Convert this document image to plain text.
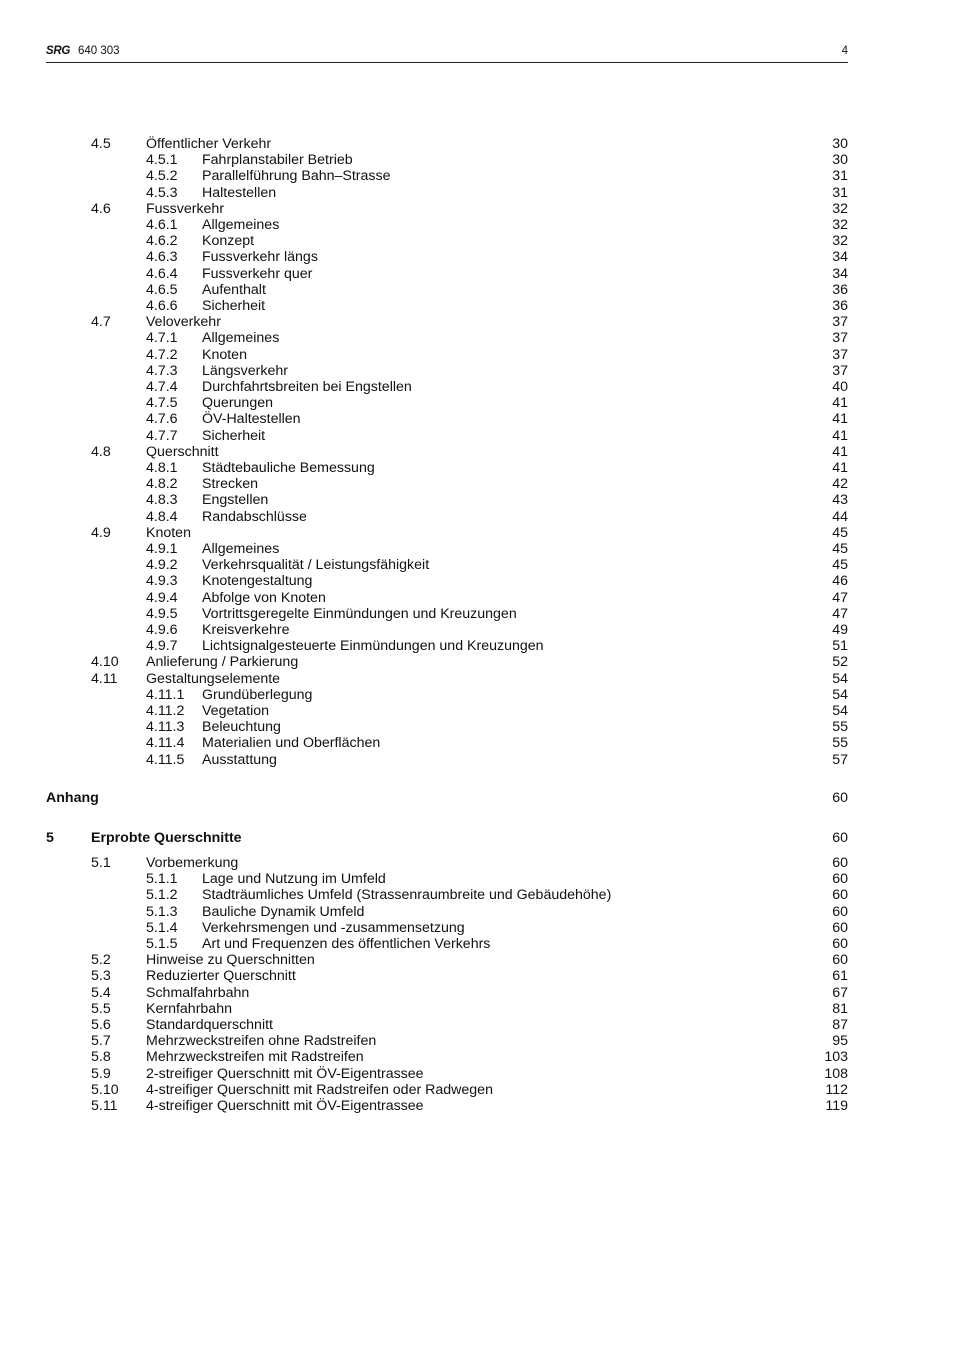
SRG 640 303	4
4.5 Öffentlicher Verkehr	30
4.5.1 Fahrplanstabiler Betrieb	30
4.5.2 Parallelführung Bahn–Strasse	31
4.5.3 Haltestellen	31
4.6 Fussverkehr	32
4.6.1 Allgemeines	32
4.6.2 Konzept	32
4.6.3 Fussverkehr längs	34
4.6.4 Fussverkehr quer	34
4.6.5 Aufenthalt	36
4.6.6 Sicherheit	36
4.7 Veloverkehr	37
4.7.1 Allgemeines	37
4.7.2 Knoten	37
4.7.3 Längsverkehr	37
4.7.4 Durchfahrtsbreiten bei Engstellen	40
4.7.5 Querungen	41
4.7.6 ÖV-Haltestellen	41
4.7.7 Sicherheit	41
4.8 Querschnitt	41
4.8.1 Städtebauliche Bemessung	41
4.8.2 Strecken	42
4.8.3 Engstellen	43
4.8.4 Randabschlüsse	44
4.9 Knoten	45
4.9.1 Allgemeines	45
4.9.2 Verkehrsqualität / Leistungsfähigkeit	45
4.9.3 Knotengestaltung	46
4.9.4 Abfolge von Knoten	47
4.9.5 Vortrittsgeregelte Einmündungen und Kreuzungen	47
4.9.6 Kreisverkehre	49
4.9.7 Lichtsignalgesteuerte Einmündungen und Kreuzungen	51
4.10 Anlieferung / Parkierung	52
4.11 Gestaltungselemente	54
4.11.1 Grundüberlegung	54
4.11.2 Vegetation	54
4.11.3 Beleuchtung	55
4.11.4 Materialien und Oberflächen	55
4.11.5 Ausstattung	57
Anhang	60
5	Erprobte Querschnitte	60
5.1 Vorbemerkung	60
5.1.1 Lage und Nutzung im Umfeld	60
5.1.2 Stadträumliches Umfeld (Strassenraumbreite und Gebäudehöhe)	60
5.1.3 Bauliche Dynamik Umfeld	60
5.1.4 Verkehrsmengen und -zusammensetzung	60
5.1.5 Art und Frequenzen des öffentlichen Verkehrs	60
5.2 Hinweise zu Querschnitten	60
5.3 Reduzierter Querschnitt	61
5.4 Schmalfahrbahn	67
5.5 Kernfahrbahn	81
5.6 Standardquerschnitt	87
5.7 Mehrzweckstreifen ohne Radstreifen	95
5.8 Mehrzweckstreifen mit Radstreifen	103
5.9 2-streifiger Querschnitt mit ÖV-Eigentrassee	108
5.10 4-streifiger Querschnitt mit Radstreifen oder Radwegen	112
5.11 4-streifiger Querschnitt mit ÖV-Eigentrassee	119
